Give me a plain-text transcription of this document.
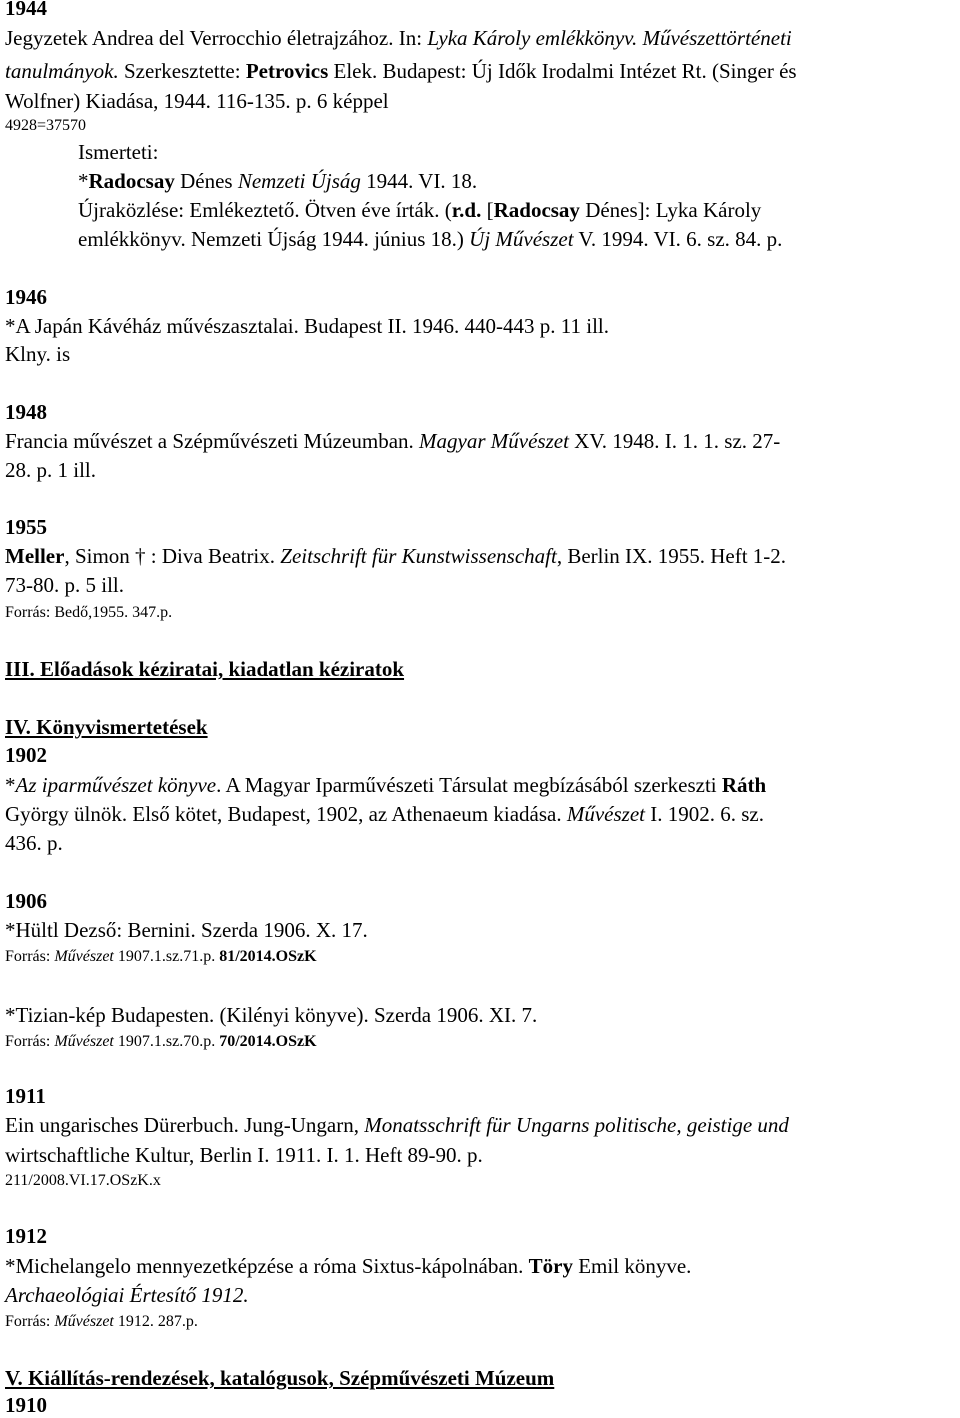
1944
Jegyzetek Andrea del Verrocchio életrajzához. In: Lyka Károly emlékkönyv. Művészettörténeti
tanulmányok. Szerkesztette: Petrovics Elek. Budapest: Új Idők Irodalmi Intézet Rt. (Singer és
Wolfner) Kiadása, 1944. 116-135. p. 6 képpel
4928=37570
Ismerteti:
*Radocsay Dénes Nemzeti Újság 1944. VI. 18.
Újraközlése: Emlékeztető. Ötven éve írták. (r.d. [Radocsay Dénes]: Lyka Károly
emlékkönyv. Nemzeti Újság 1944. június 18.) Új Művészet V. 1994. VI. 6. sz. 84. p.
1946
*A Japán Kávéház művészasztalai. Budapest II. 1946. 440-443 p. 11 ill.
Klny. is
1948
Francia művészet a Szépművészeti Múzeumban. Magyar Művészet XV. 1948. I. 1. 1. sz. 27-
28. p. 1 ill.
1955
Meller, Simon † : Diva Beatrix. Zeitschrift für Kunstwissenschaft, Berlin IX. 1955. Heft 1-2.
73-80. p. 5 ill.
Forrás: Bedő,1955. 347.p.
III. Előadások kéziratai, kiadatlan kéziratok
IV. Könyvismertetések
1902
*Az iparművészet könyve. A Magyar Iparművészeti Társulat megbízásából szerkeszti Ráth
György ülnök. Első kötet, Budapest, 1902, az Athenaeum kiadása. Művészet I. 1902. 6. sz.
436. p.
1906
*Hültl Dezső: Bernini. Szerda 1906. X. 17.
Forrás: Művészet 1907.1.sz.71.p. 81/2014.OSzK
*Tizian-kép Budapesten. (Kilényi könyve). Szerda 1906. XI. 7.
Forrás: Művészet 1907.1.sz.70.p. 70/2014.OSzK
1911
Ein ungarisches Dürerbuch. Jung-Ungarn, Monatsschrift für Ungarns politische, geistige und
wirtschaftliche Kultur, Berlin I. 1911. I. 1. Heft 89-90. p.
211/2008.VI.17.OSzK.x
1912
*Michelangelo mennyezetképzése a róma Sixtus-kápolnában. Töry Emil könyve.
Archaeológiai Értesítő 1912.
Forrás: Művészet 1912. 287.p.
V. Kiállítás-rendezések, katalógusok, Szépművészeti Múzeum
1910
